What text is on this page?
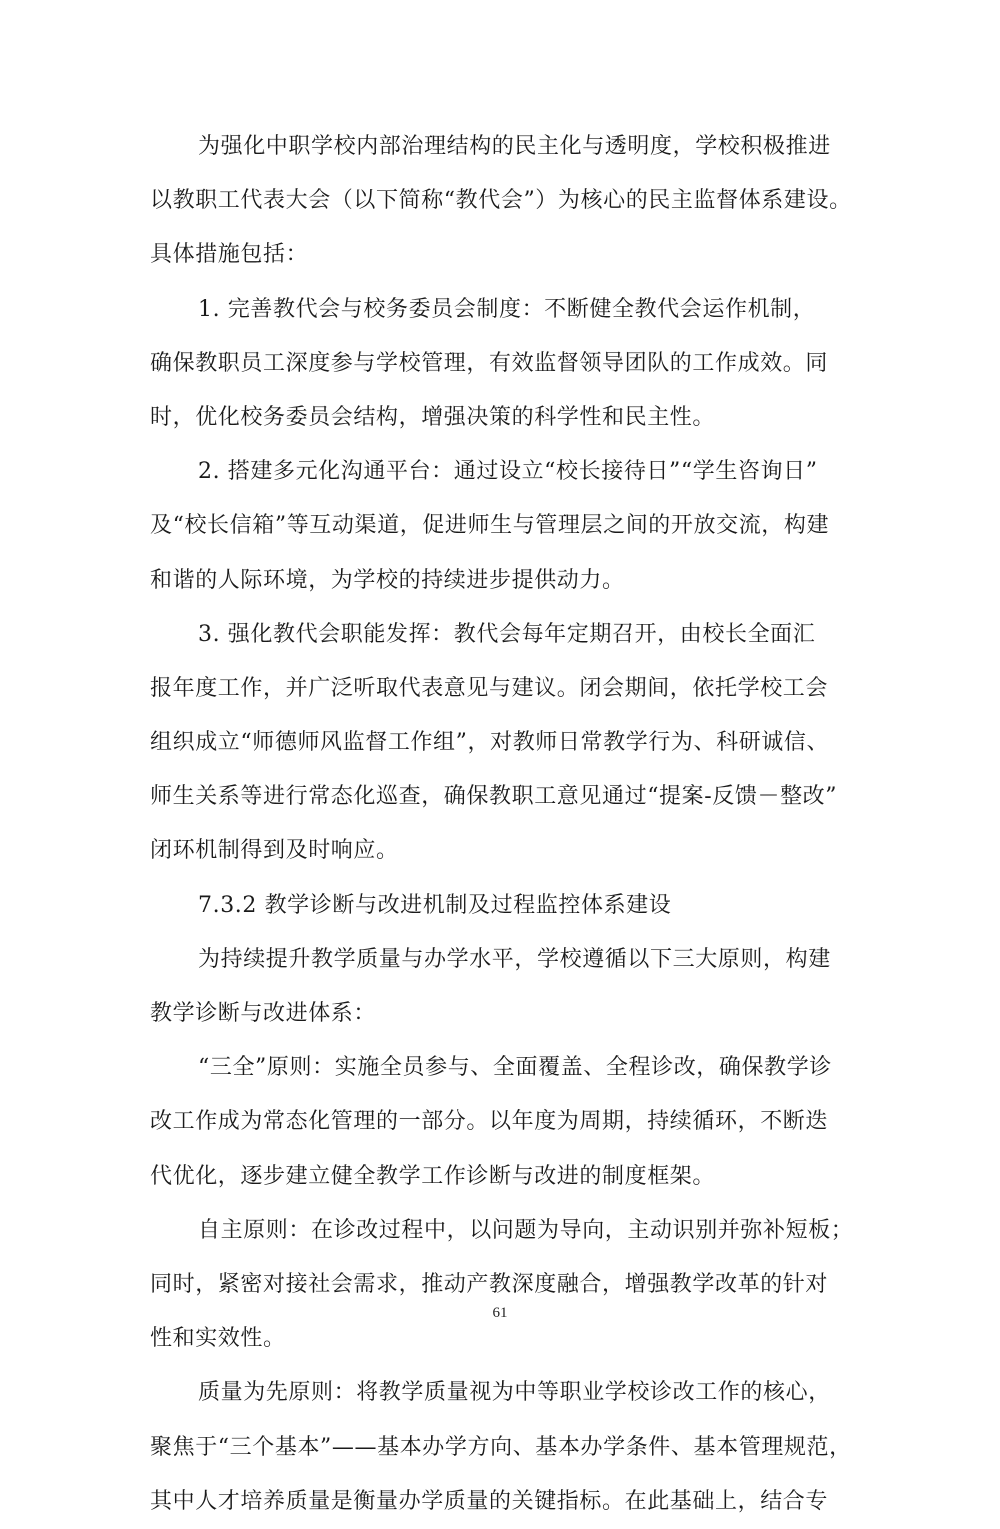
为强化中职学校内部治理结构的民主化与透明度，学校积极推进
以教职工代表大会（以下简称“教代会”）为核心的民主监督体系建设。
具体措施包括：
1. 完善教代会与校务委员会制度：不断健全教代会运作机制，
确保教职员工深度参与学校管理，有效监督领导团队的工作成效。同
时，优化校务委员会结构，增强决策的科学性和民主性。
2. 搭建多元化沟通平台：通过设立“校长接待日”“学生咨询日”
及“校长信箱”等互动渠道，促进师生与管理层之间的开放交流，构建
和谐的人际环境，为学校的持续进步提供动力。
3. 强化教代会职能发挥：教代会每年定期召开，由校长全面汇
报年度工作，并广泛听取代表意见与建议。闭会期间，依托学校工会
组织成立“师德师风监督工作组”，对教师日常教学行为、科研诚信、
师生关系等进行常态化巡查，确保教职工意见通过“提案-反馈－整改”
闭环机制得到及时响应。
7.3.2 教学诊断与改进机制及过程监控体系建设
为持续提升教学质量与办学水平，学校遵循以下三大原则，构建
教学诊断与改进体系：
“三全”原则：实施全员参与、全面覆盖、全程诊改，确保教学诊
改工作成为常态化管理的一部分。以年度为周期，持续循环，不断迭
代优化，逐步建立健全教学工作诊断与改进的制度框架。
自主原则：在诊改过程中，以问题为导向，主动识别并弥补短板；
同时，紧密对接社会需求，推动产教深度融合，增强教学改革的针对
性和实效性。
质量为先原则：将教学质量视为中等职业学校诊改工作的核心，
聚焦于“三个基本”——基本办学方向、基本办学条件、基本管理规范，
其中人才培养质量是衡量办学质量的关键指标。在此基础上，结合专
61
